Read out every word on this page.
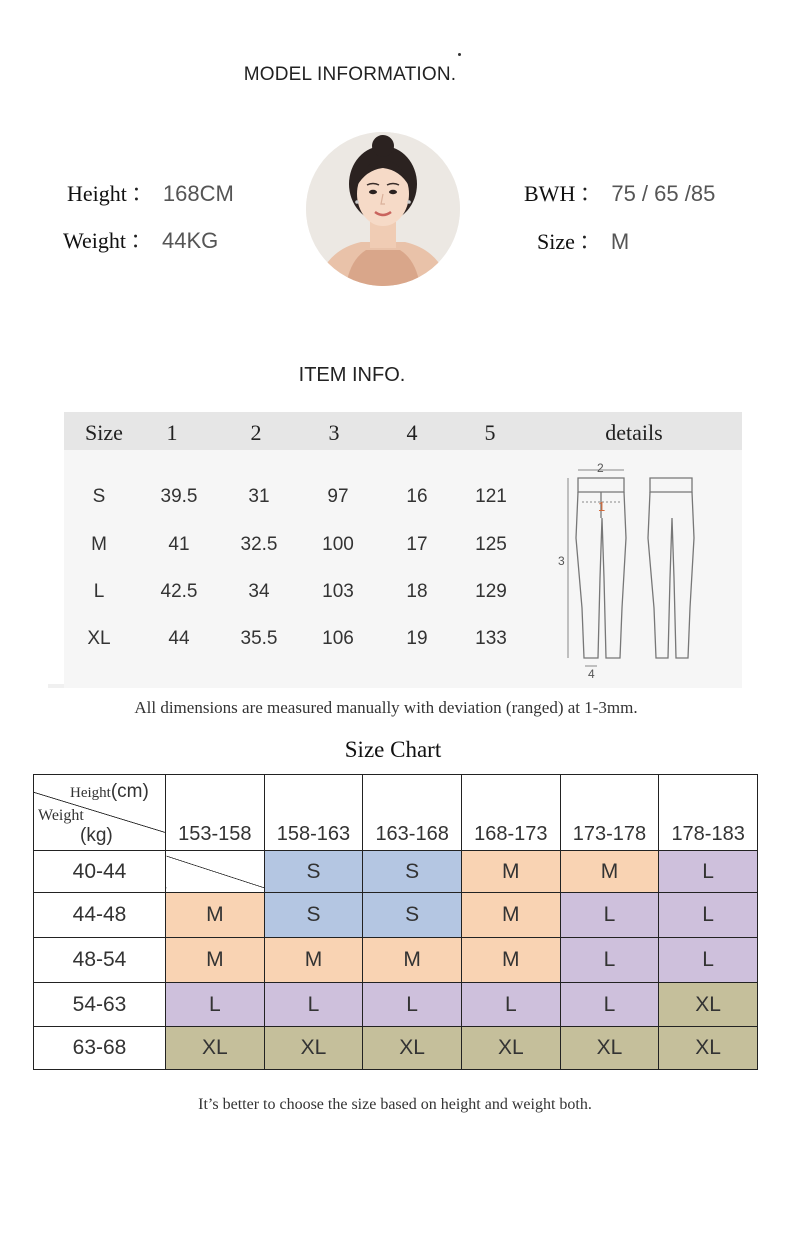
MODEL INFORMATION.
Height ： 168CM
Weight ： 44KG
BWH ： 75 / 65 /85
Size ： M
ITEM INFO.
Size 1	2	3	4	5	details
S	39.5	31	97	16	121
M	41	32.5	100	17	125
L	42.5	34	103	18	129
XL	44	35.5	106	19	133
2
1
3
4
All dimensions are measured manually with deviation (ranged) at 1-3mm.
Size Chart
Height(cm)
Weight
(kg)	153-158	158-163	163-168	168-173	173-178	178-183
40-44		S	S	M	M	L
44-48	M	S	S	M	L	L
48-54	M	M	M	M	L	L
54-63	L	L	L	L	L	XL
63-68	XL	XL	XL	XL	XL	XL
It’s better to choose the size based on height and weight both.
